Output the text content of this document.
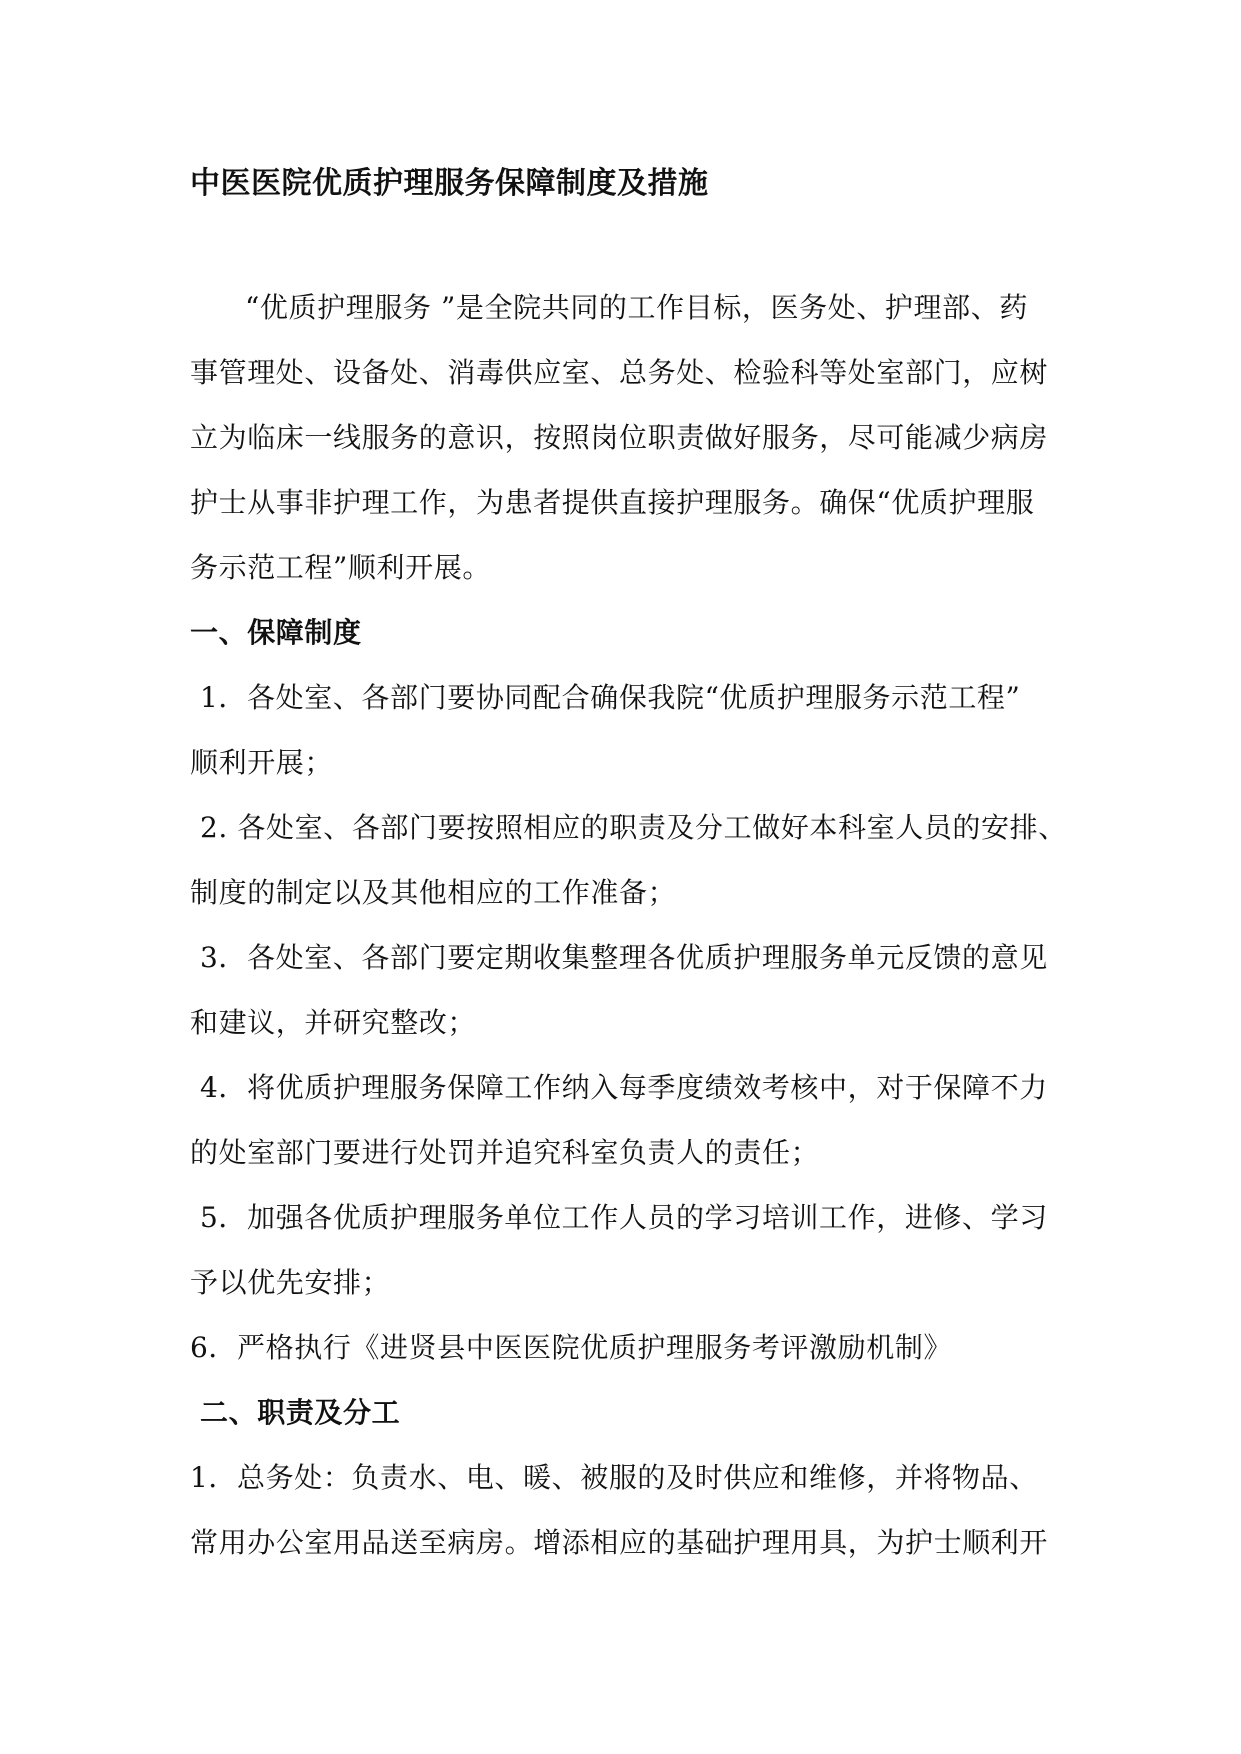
中医医院优质护理服务保障制度及措施
“优质护理服务 ”是全院共同的工作目标，医务处、护理部、药
事管理处、设备处、消毒供应室、总务处、检验科等处室部门，应树
立为临床一线服务的意识，按照岗位职责做好服务，尽可能减少病房
护士从事非护理工作，为患者提供直接护理服务。确保“优质护理服
务示范工程”顺利开展。
一、保障制度
1．各处室、各部门要协同配合确保我院“优质护理服务示范工程”
顺利开展；
2. 各处室、各部门要按照相应的职责及分工做好本科室人员的安排、
制度的制定以及其他相应的工作准备；
3．各处室、各部门要定期收集整理各优质护理服务单元反馈的意见
和建议，并研究整改；
4．将优质护理服务保障工作纳入每季度绩效考核中，对于保障不力
的处室部门要进行处罚并追究科室负责人的责任；
5．加强各优质护理服务单位工作人员的学习培训工作，进修、学习
予以优先安排；
6．严格执行《进贤县中医医院优质护理服务考评激励机制》
二、职责及分工
1．总务处：负责水、电、暖、被服的及时供应和维修，并将物品、
常用办公室用品送至病房。增添相应的基础护理用具，为护士顺利开
